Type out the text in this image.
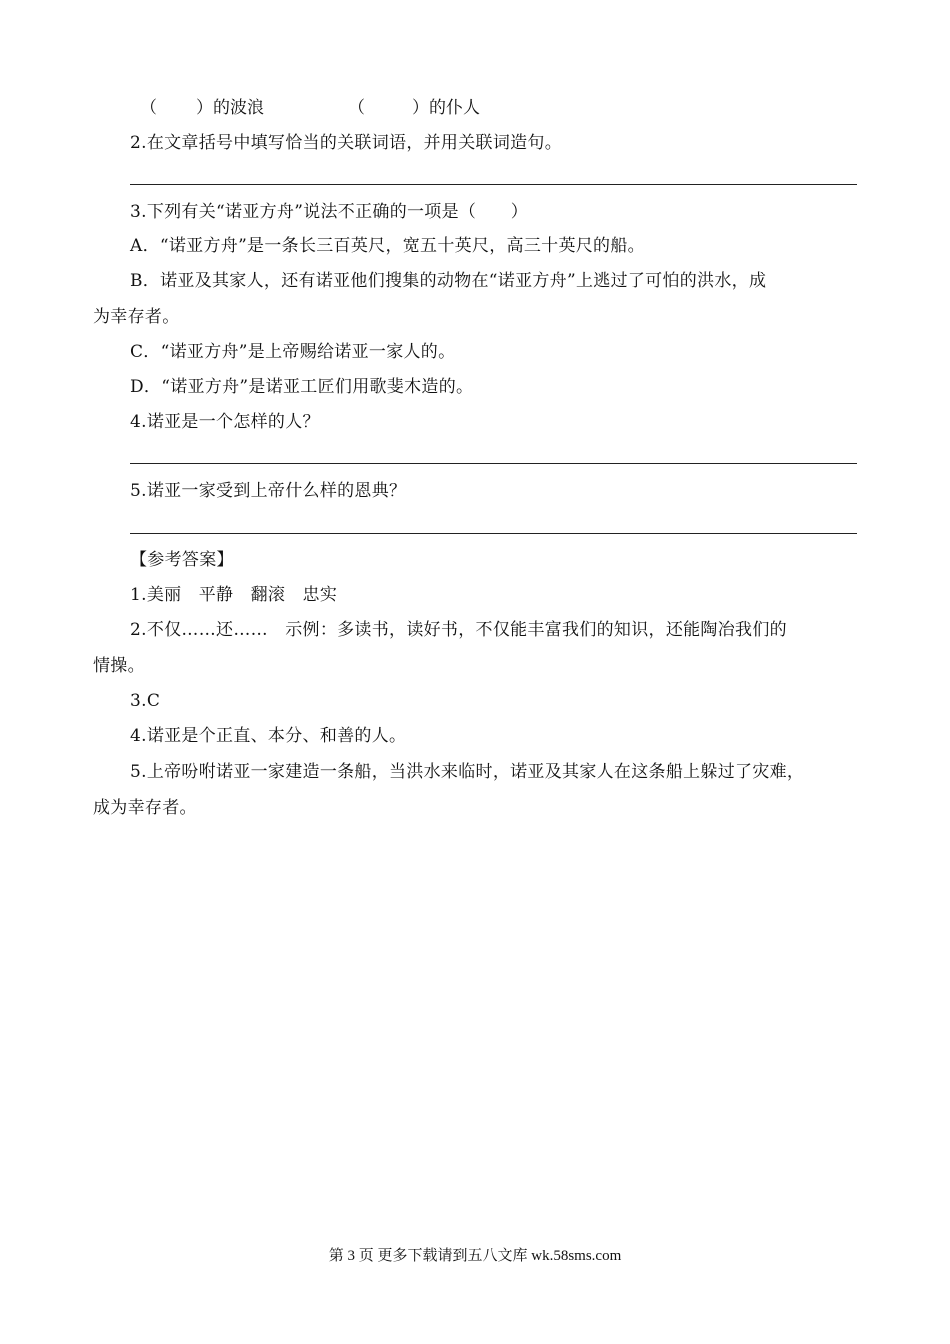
（ ）的波浪	（	）的仆人
2.在文章括号中填写恰当的关联词语，并用关联词造句。
3.下列有关“诺亚方舟”说法不正确的一项是（　　）
A．“诺亚方舟”是一条长三百英尺，宽五十英尺，高三十英尺的船。
B．诺亚及其家人，还有诺亚他们搜集的动物在“诺亚方舟”上逃过了可怕的洪水，成
为幸存者。
C．“诺亚方舟”是上帝赐给诺亚一家人的。
D．“诺亚方舟”是诺亚工匠们用歌斐木造的。
4.诺亚是一个怎样的人？
5.诺亚一家受到上帝什么样的恩典？
【参考答案】
1.美丽　平静　翻滚　忠实
2.不仅……还……　示例：多读书，读好书，不仅能丰富我们的知识，还能陶冶我们的
情操。
3.C
4.诺亚是个正直、本分、和善的人。
5.上帝吩咐诺亚一家建造一条船，当洪水来临时，诺亚及其家人在这条船上躲过了灾难，
成为幸存者。
第 3 页 更多下载请到五八文库 wk.58sms.com
